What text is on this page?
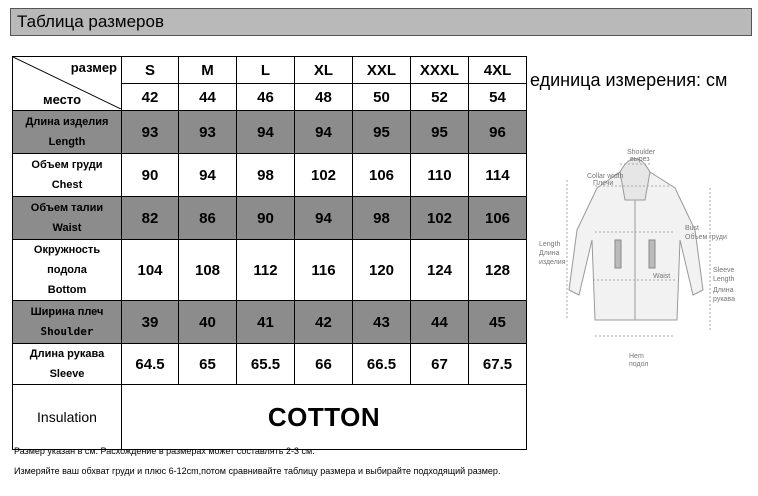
Таблица размеров
размер
место	S	M	L	XL	XXL	XXXL	4XL
	42	44	46	48	50	52	54

Длина изделия
Length	93	93	94	94	95	95	96

Объем груди
Chest	90	94	98	102	106	110	114

Объем талии
Waist	82	86	90	94	98	102	106

Окружность подола
Bottom	104	108	112	116	120	124	128

Ширина плеч
Shoulder	39	40	41	42	43	44	45

Длина рукава
Sleeve	64.5	65	65.5	66	66.5	67	67.5
Insulation	COTTON						
единица измерения: см
Shoulder
вырез
Collar width
Плечи
Length
Длина
изделия
Bust
Объем груди
Sleeve
Length
Длина
рукава
Waist
Hem
подол
Размер указан в см. Расхождение в размерах может составлять 2-3 см.
Измеряйте ваш обхват груди и плюс 6-12cm,потом сравнивайте таблицу размера и выбирайте подходящий размер.
